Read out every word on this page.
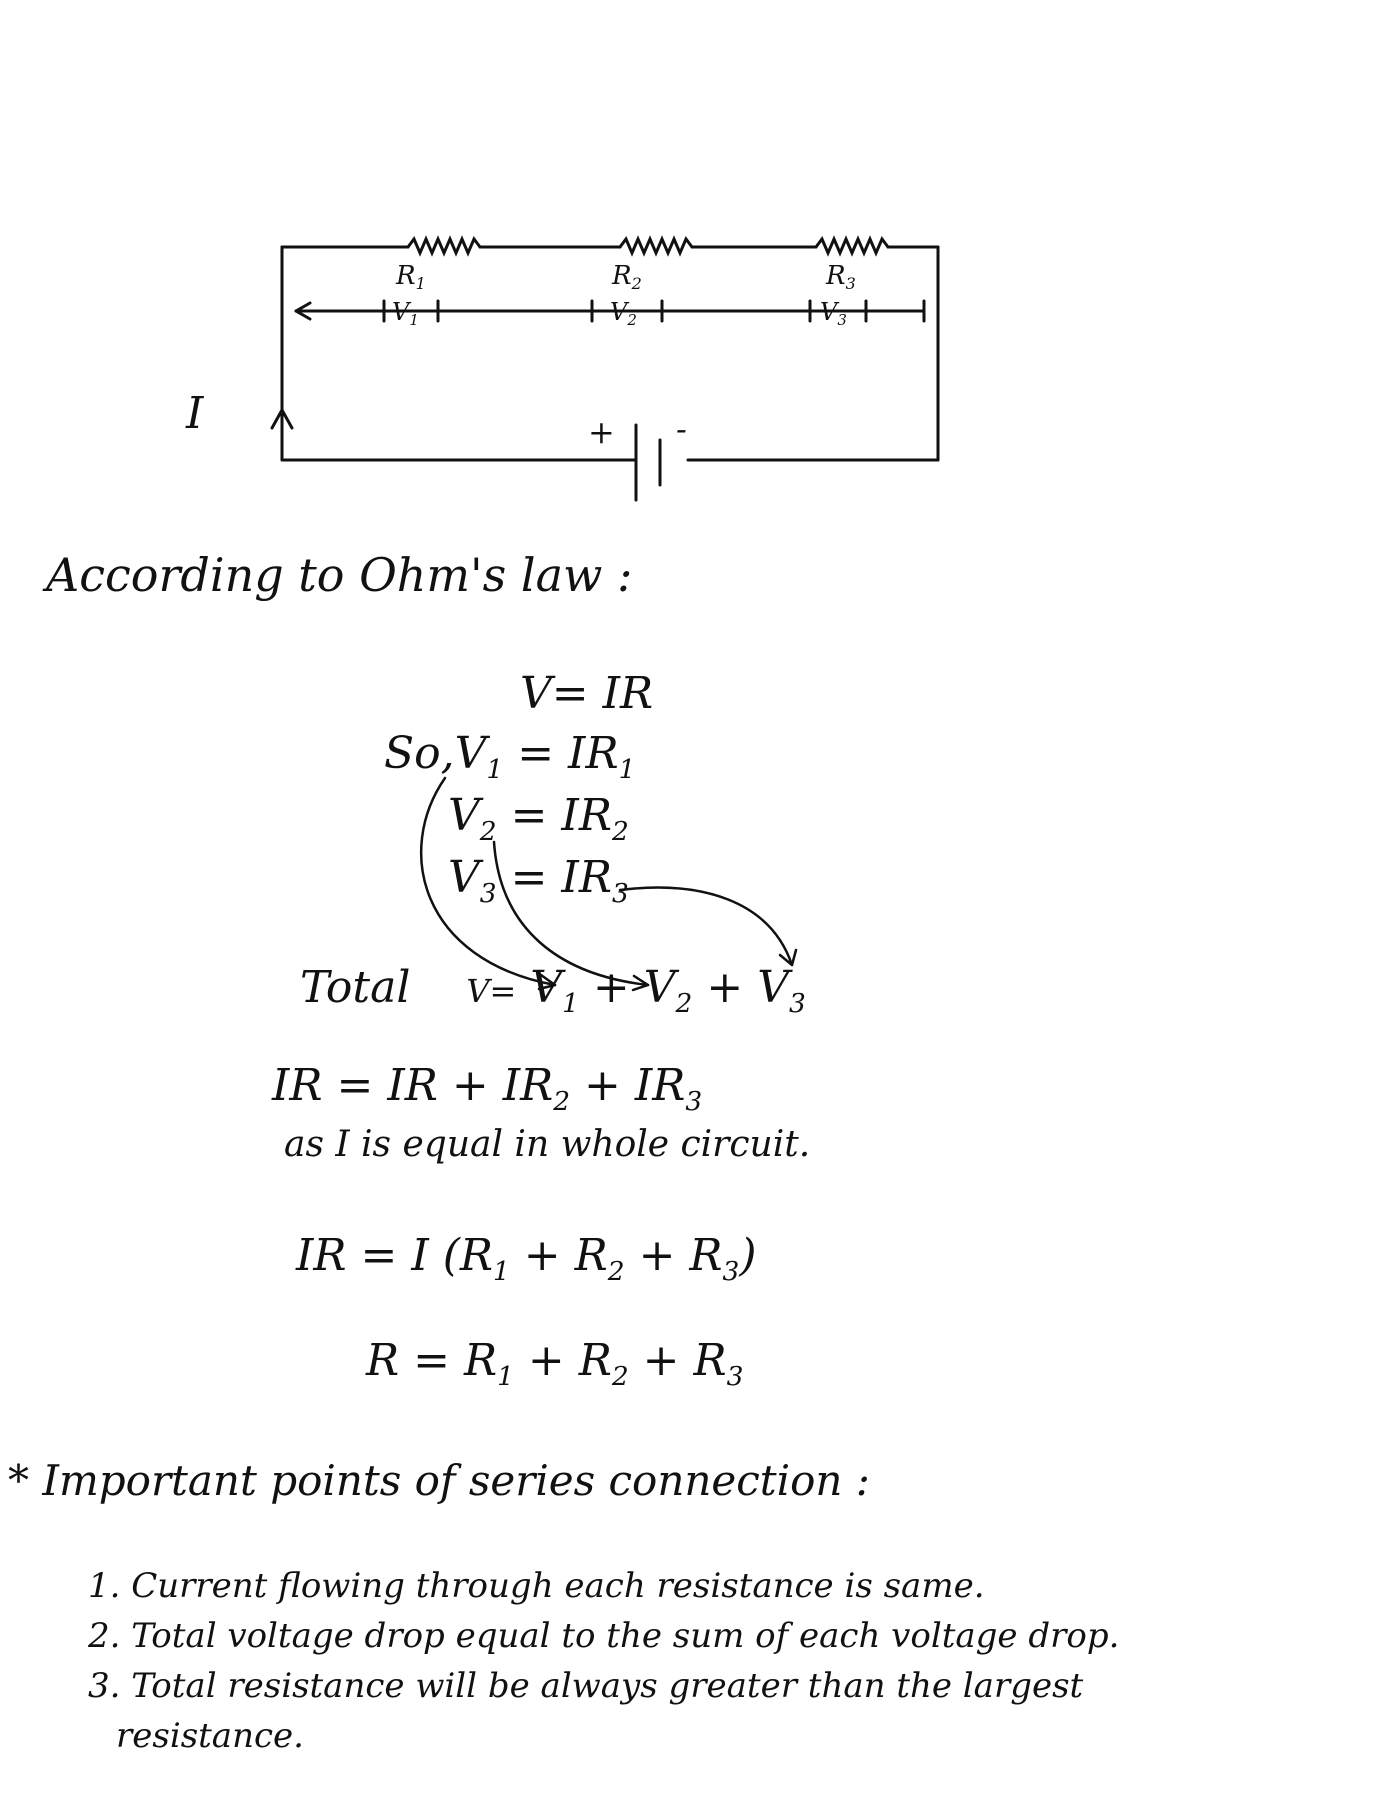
R1	R2	R3
$V_1$	$V_2$	$V_3$
I	+ -
According to Ohm's law :
V= IR
$So,V_1 = IR_1$
$V_2 = IR_2$
$V_3 = IR_3$
Total $V= V_1 + V_2 + V_3$
IR = IR + $IR_2 + IR_3$
as I is equal in whole circuit.
IR = I $(R_1 + R_2 + R_3)$
$R = R_1 + R_2 + R_3$
* Important points of series connection :
1. Current flowing through each resistance is same.
2. Total voltage drop equal to the sum of each voltage drop.
3. Total resistance will be always greater than the largest
resistance.
